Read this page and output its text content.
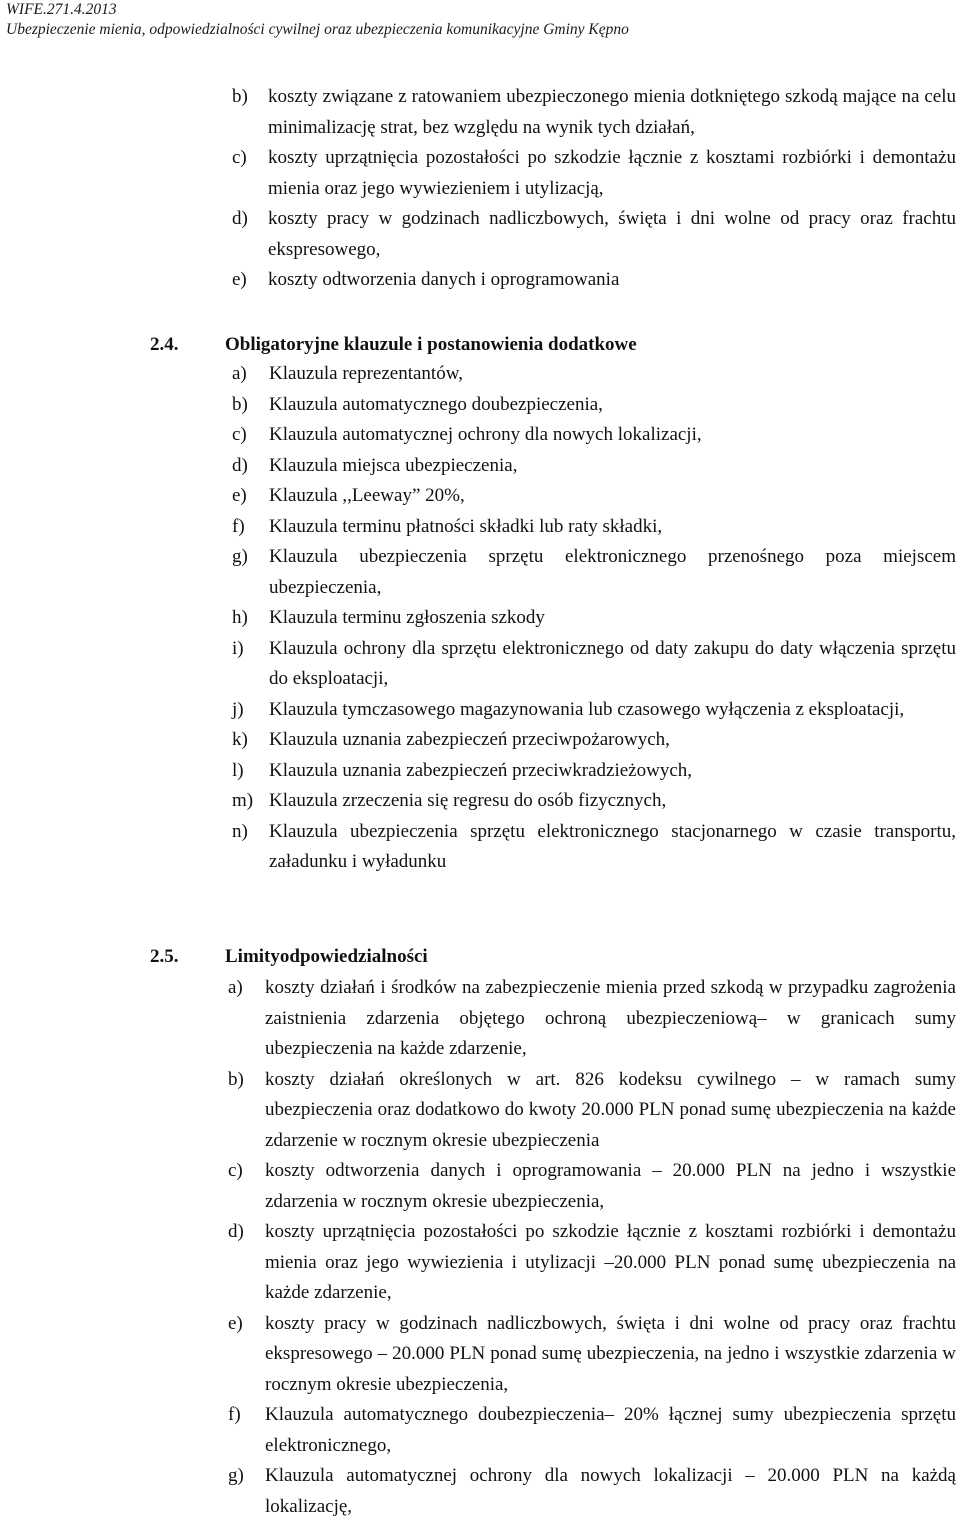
WIFE.271.4.2013
Ubezpieczenie mienia, odpowiedzialności cywilnej oraz ubezpieczenia komunikacyjne Gminy Kępno
b) koszty związane z ratowaniem ubezpieczonego mienia dotkniętego szkodą mające na celu minimalizację strat, bez względu na wynik tych działań,
c) koszty uprzątnięcia pozostałości po szkodzie łącznie z kosztami rozbiórki i demontażu mienia oraz jego wywiezieniem i utylizacją,
d) koszty pracy w godzinach nadliczbowych, święta i dni wolne od pracy oraz frachtu ekspresowego,
e) koszty odtworzenia danych i oprogramowania
2.4. Obligatoryjne klauzule i postanowienia dodatkowe
a) Klauzula reprezentantów,
b) Klauzula automatycznego doubezpieczenia,
c) Klauzula automatycznej ochrony dla nowych lokalizacji,
d) Klauzula miejsca ubezpieczenia,
e) Klauzula ,,Leeway” 20%,
f) Klauzula terminu płatności składki lub raty składki,
g) Klauzula ubezpieczenia sprzętu elektronicznego przenośnego poza miejscem ubezpieczenia,
h) Klauzula terminu zgłoszenia szkody
i) Klauzula ochrony dla sprzętu elektronicznego od daty zakupu do daty włączenia sprzętu do eksploatacji,
j) Klauzula tymczasowego magazynowania lub czasowego wyłączenia z eksploatacji,
k) Klauzula uznania zabezpieczeń przeciwpożarowych,
l) Klauzula uznania zabezpieczeń przeciwkradzieżowych,
m) Klauzula zrzeczenia się regresu do osób fizycznych,
n) Klauzula ubezpieczenia sprzętu elektronicznego stacjonarnego w czasie transportu, załadunku i wyładunku
2.5. Limityodpowiedzialności
a) koszty działań i środków na zabezpieczenie mienia przed szkodą w przypadku zagrożenia zaistnienia zdarzenia objętego ochroną ubezpieczeniową– w granicach sumy ubezpieczenia na każde zdarzenie,
b) koszty działań określonych w art. 826 kodeksu cywilnego – w ramach sumy ubezpieczenia oraz dodatkowo do kwoty 20.000 PLN ponad sumę ubezpieczenia na każde zdarzenie w rocznym okresie ubezpieczenia
c) koszty odtworzenia danych i oprogramowania – 20.000 PLN na jedno i wszystkie zdarzenia w rocznym okresie ubezpieczenia,
d) koszty uprzątnięcia pozostałości po szkodzie łącznie z kosztami rozbiórki i demontażu mienia oraz jego wywiezienia i utylizacji –20.000 PLN ponad sumę ubezpieczenia na każde zdarzenie,
e) koszty pracy w godzinach nadliczbowych, święta i dni wolne od pracy oraz frachtu ekspresowego – 20.000 PLN ponad sumę ubezpieczenia, na jedno i wszystkie zdarzenia w rocznym okresie ubezpieczenia,
f) Klauzula automatycznego doubezpieczenia– 20% łącznej sumy ubezpieczenia sprzętu elektronicznego,
g) Klauzula automatycznej ochrony dla nowych lokalizacji – 20.000 PLN na każdą lokalizację,
